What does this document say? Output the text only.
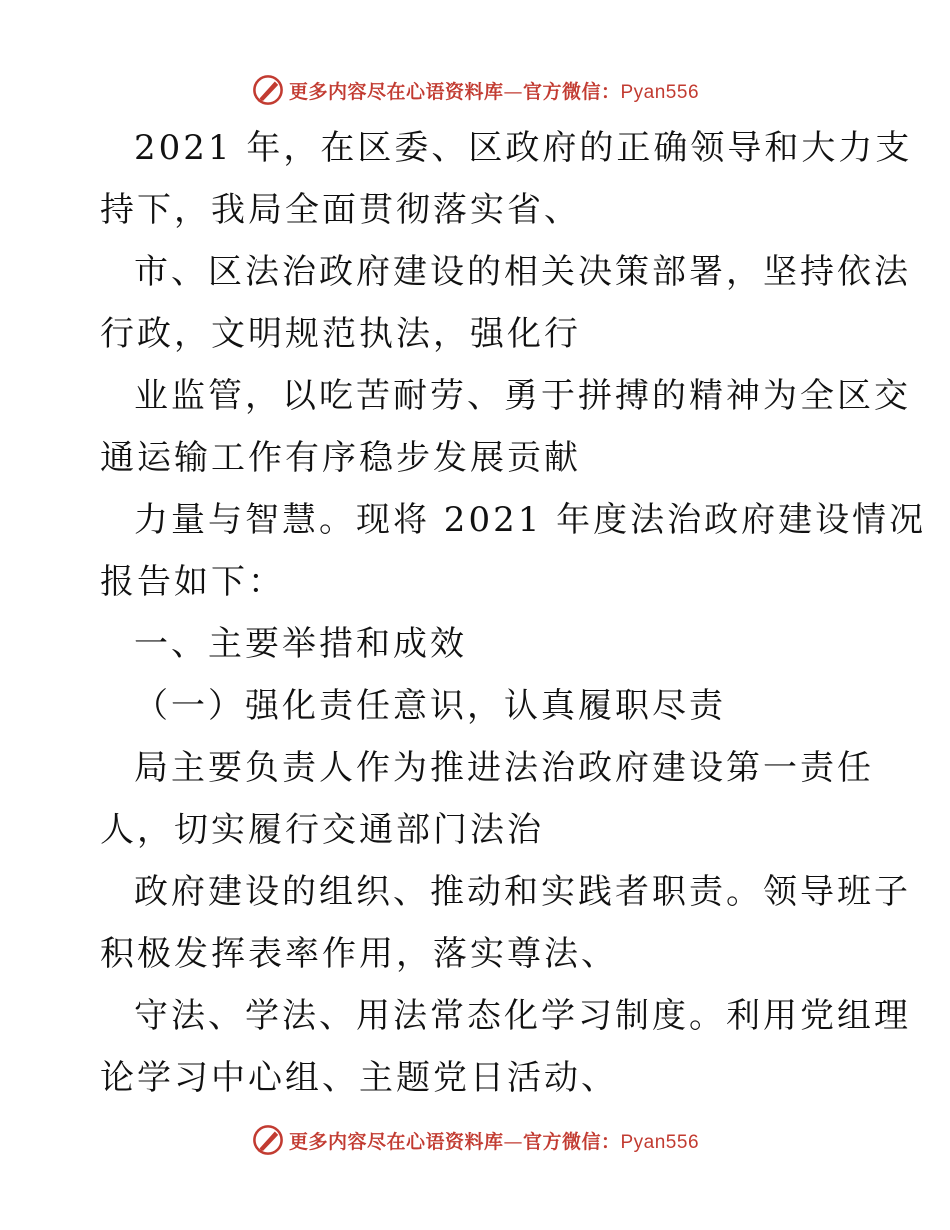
更多内容尽在心语资料库—官方微信：Pyan556

2021 年，在区委、区政府的正确领导和大力支
持下，我局全面贯彻落实省、

市、区法治政府建设的相关决策部署，坚持依法
行政，文明规范执法，强化行

业监管，以吃苦耐劳、勇于拼搏的精神为全区交
通运输工作有序稳步发展贡献

力量与智慧。现将 2021 年度法治政府建设情况
报告如下：

一、主要举措和成效

（一）强化责任意识，认真履职尽责

局主要负责人作为推进法治政府建设第一责任
人，切实履行交通部门法治

政府建设的组织、推动和实践者职责。领导班子
积极发挥表率作用，落实尊法、

守法、学法、用法常态化学习制度。利用党组理
论学习中心组、主题党日活动、

更多内容尽在心语资料库—官方微信：Pyan556
